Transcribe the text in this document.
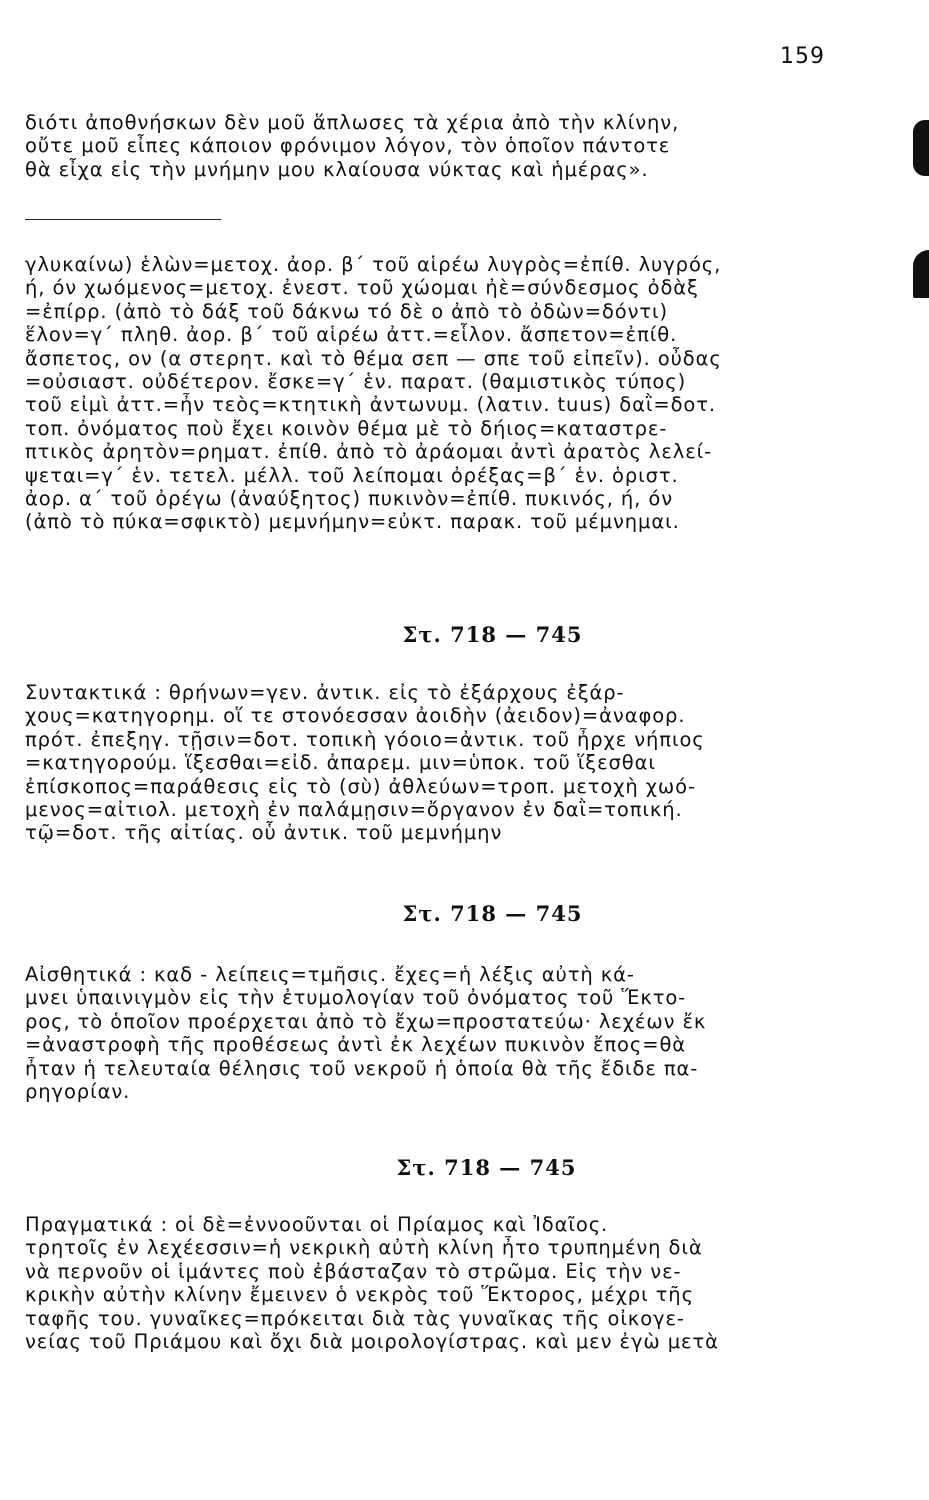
159
διότι ἀποθνήσκων δὲν μοῦ ἅπλωσες τὰ χέρια ἀπὸ τὴν κλίνην,
οὔτε μοῦ εἶπες κάποιον φρόνιμον λόγον, τὸν ὁποῖον πάντοτε
θὰ εἶχα εἰς τὴν μνήμην μου κλαίουσα νύκτας καὶ ἡμέρας».
γλυκαίνω) ἑλὼν=μετοχ. ἀορ. β΄ τοῦ αἱρέω λυγρὸς=ἐπίθ. λυγρός,
ή, όν χωόμενος=μετοχ. ἐνεστ. τοῦ χώομαι ἠὲ=σύνδεσμος ὀδὰξ
=ἐπίρρ. (ἀπὸ τὸ δάξ τοῦ δάκνω τό δὲ ο ἀπὸ τὸ ὀδὼν=δόντι)
ἕλον=γ΄ πληθ. ἀορ. β΄ τοῦ αἱρέω ἀττ.=εἷλον. ἄσπετον=ἐπίθ.
ἄσπετος, ον (α στερητ. καὶ τὸ θέμα σεπ — σπε τοῦ εἰπεῖν). οὖδας
=οὐσιαστ. οὐδέτερον. ἔσκε=γ΄ ἑν. παρατ. (θαμιστικὸς τύπος)
τοῦ εἰμὶ ἀττ.=ἦν τεὸς=κτητικὴ ἀντωνυμ. (λατιν. tuus) δαῒ=δοτ.
τοπ. ὀνόματος ποὺ ἔχει κοινὸν θέμα μὲ τὸ δήιος=καταστρε-
πτικὸς ἀρητὸν=ρηματ. ἐπίθ. ἀπὸ τὸ ἀράομαι ἀντὶ ἀρατὸς λελεί-
ψεται=γ΄ ἑν. τετελ. μέλλ. τοῦ λείπομαι ὀρέξας=β΄ ἑν. ὁριστ.
ἀορ. α΄ τοῦ ὀρέγω (ἀναύξητος) πυκινὸν=ἐπίθ. πυκινός, ή, όν
(ἀπὸ τὸ πύκα=σφικτὸ) μεμνήμην=εὐκτ. παρακ. τοῦ μέμνημαι.
Στ. 718 — 745
Συντακτικά : θρήνων=γεν. ἀντικ. εἰς τὸ ἐξάρχους ἐξάρ-
χους=κατηγορημ. οἵ τε στονόεσσαν ἀοιδὴν (ἀειδον)=ἀναφορ.
πρότ. ἐπεξηγ. τῇσιν=δοτ. τοπικὴ γόοιο=ἀντικ. τοῦ ἦρχε νήπιος
=κατηγορούμ. ἵξεσθαι=εἰδ. ἀπαρεμ. μιν=ὑποκ. τοῦ ἵξεσθαι
ἐπίσκοπος=παράθεσις εἰς τὸ (σὺ) ἀθλεύων=τροπ. μετοχὴ χωό-
μενος=αἰτιολ. μετοχὴ ἐν παλάμῃσιν=ὄργανον ἐν δαῒ=τοπική.
τῷ=δοτ. τῆς αἰτίας. οὗ ἀντικ. τοῦ μεμνήμην
Στ. 718 — 745
Αἰσθητικά : καδ - λείπεις=τμῆσις. ἔχες=ἡ λέξις αὐτὴ κά-
μνει ὑπαινιγμὸν εἰς τὴν ἐτυμολογίαν τοῦ ὀνόματος τοῦ Ἕκτο-
ρος, τὸ ὁποῖον προέρχεται ἀπὸ τὸ ἔχω=προστατεύω· λεχέων ἔκ
=ἀναστροφὴ τῆς προθέσεως ἀντὶ ἐκ λεχέων πυκινὸν ἔπος=θὰ
ἦταν ἡ τελευταία θέλησις τοῦ νεκροῦ ἡ ὁποία θὰ τῆς ἔδιδε πα-
ρηγορίαν.
Στ. 718 — 745
Πραγματικά : οἱ δὲ=ἐννοοῦνται οἱ Πρίαμος καὶ Ἰδαῖος.
τρητοῖς ἐν λεχέεσσιν=ἡ νεκρικὴ αὐτὴ κλίνη ἦτο τρυπημένη διὰ
νὰ περνοῦν οἱ ἱμάντες ποὺ ἐβάσταζαν τὸ στρῶμα. Εἰς τὴν νε-
κρικὴν αὐτὴν κλίνην ἔμεινεν ὁ νεκρὸς τοῦ Ἕκτορος, μέχρι τῆς
ταφῆς του. γυναῖκες=πρόκειται διὰ τὰς γυναῖκας τῆς οἰκογε-
νείας τοῦ Πριάμου καὶ ὄχι διὰ μοιρολογίστρας. καὶ μεν ἐγὼ μετὰ
